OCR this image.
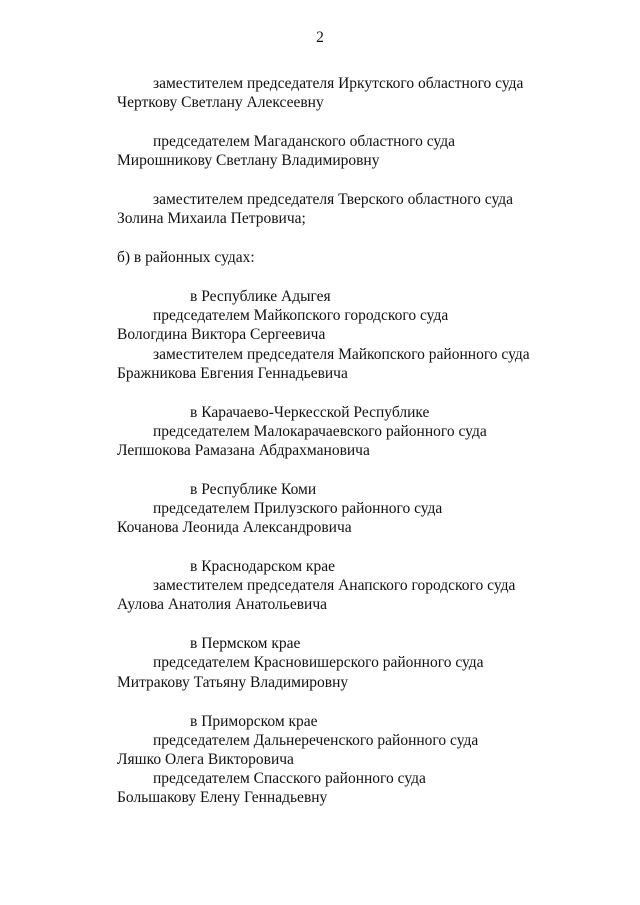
2
заместителем председателя Иркутского областного суда
Черткову Светлану Алексеевну
председателем Магаданского областного суда
Мирошникову Светлану Владимировну
заместителем председателя Тверского областного суда
Золина Михаила Петровича;
б) в районных судах:
в Республике Адыгея
председателем Майкопского городского суда
Вологдина Виктора Сергеевича
заместителем председателя Майкопского районного суда
Бражникова Евгения Геннадьевича
в Карачаево-Черкесской Республике
председателем Малокарачаевского районного суда
Лепшокова Рамазана Абдрахмановича
в Республике Коми
председателем Прилузского районного суда
Кочанова Леонида Александровича
в Краснодарском крае
заместителем председателя Анапского городского суда
Аулова Анатолия Анатольевича
в Пермском крае
председателем Красновишерского районного суда
Митракову Татьяну Владимировну
в Приморском крае
председателем Дальнереченского районного суда
Ляшко Олега Викторовича
председателем Спасского районного суда
Большакову Елену Геннадьевну
